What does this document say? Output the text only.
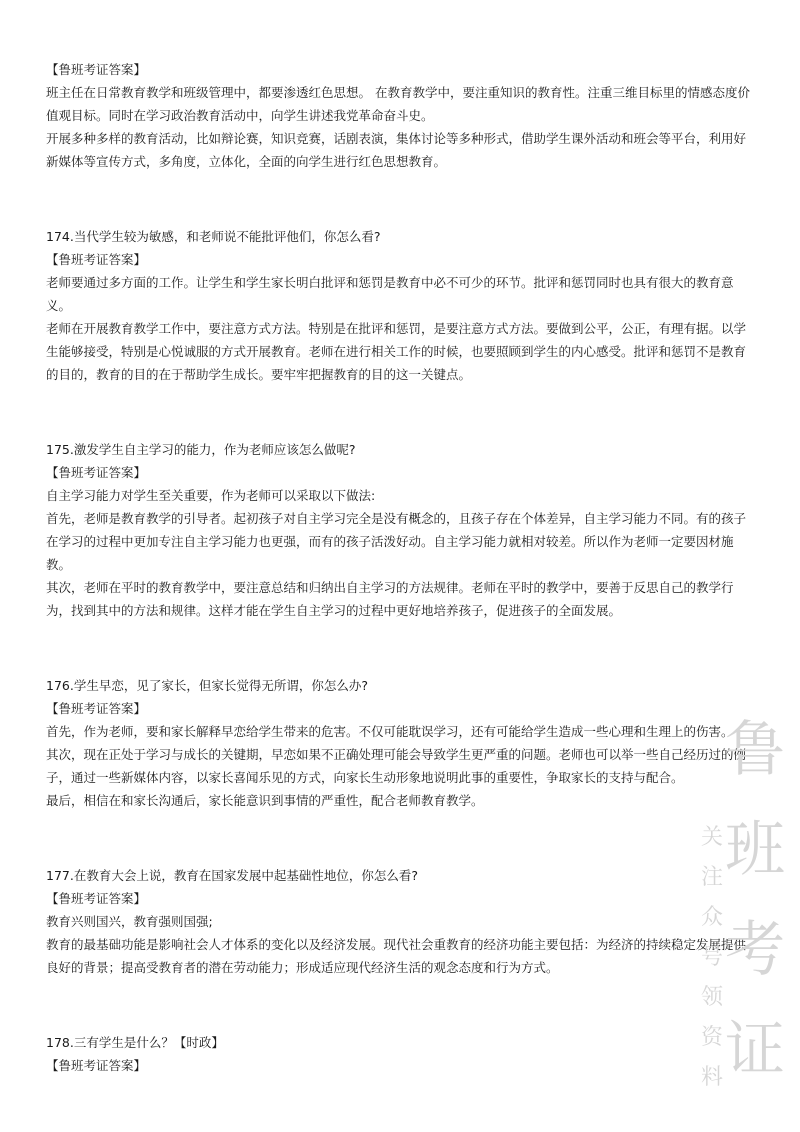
【鲁班考证答案】

班主任在日常教育教学和班级管理中，都要渗透红色思想。 在教育教学中，要注重知识的教育性。注重三维目标里的情感态度价值观目标。同时在学习政治教育活动中，向学生讲述我党革命奋斗史。

开展多种多样的教育活动，比如辩论赛，知识竞赛，话剧表演，集体讨论等多种形式，借助学生课外活动和班会等平台，利用好新媒体等宣传方式，多角度，立体化，全面的向学生进行红色思想教育。

174.当代学生较为敏感，和老师说不能批评他们，你怎么看?

【鲁班考证答案】

老师要通过多方面的工作。让学生和学生家长明白批评和惩罚是教育中必不可少的环节。批评和惩罚同时也具有很大的教育意义。

老师在开展教育教学工作中，要注意方式方法。特别是在批评和惩罚，是要注意方式方法。要做到公平，公正，有理有据。以学生能够接受，特别是心悦诚服的方式开展教育。老师在进行相关工作的时候，也要照顾到学生的内心感受。批评和惩罚不是教育的目的，教育的目的在于帮助学生成长。要牢牢把握教育的目的这一关键点。

175.激发学生自主学习的能力，作为老师应该怎么做呢?

【鲁班考证答案】

自主学习能力对学生至关重要，作为老师可以采取以下做法:

首先，老师是教育教学的引导者。起初孩子对自主学习完全是没有概念的，且孩子存在个体差异，自主学习能力不同。有的孩子在学习的过程中更加专注自主学习能力也更强，而有的孩子活泼好动。自主学习能力就相对较差。所以作为老师一定要因材施教。

其次，老师在平时的教育教学中，要注意总结和归纳出自主学习的方法规律。老师在平时的教学中，要善于反思自己的教学行为，找到其中的方法和规律。这样才能在学生自主学习的过程中更好地培养孩子，促进孩子的全面发展。

176.学生早恋，见了家长，但家长觉得无所谓，你怎么办?

【鲁班考证答案】

首先，作为老师，要和家长解释早恋给学生带来的危害。不仅可能耽误学习，还有可能给学生造成一些心理和生理上的伤害。

其次，现在正处于学习与成长的关键期，早恋如果不正确处理可能会导致学生更严重的问题。老师也可以举一些自己经历过的例子，通过一些新媒体内容，以家长喜闻乐见的方式，向家长生动形象地说明此事的重要性，争取家长的支持与配合。

最后，相信在和家长沟通后，家长能意识到事情的严重性，配合老师教育教学。

177.在教育大会上说，教育在国家发展中起基础性地位，你怎么看?

【鲁班考证答案】

教育兴则国兴，教育强则国强;

教育的最基础功能是影响社会人才体系的变化以及经济发展。现代社会重教育的经济功能主要包括：为经济的持续稳定发展提供良好的背景；提高受教育者的潜在劳动能力；形成适应现代经济生活的观念态度和行为方式。

178.三有学生是什么？【时政】

【鲁班考证答案】

鲁
班
考
证
关
注
众
号
领
资
料
